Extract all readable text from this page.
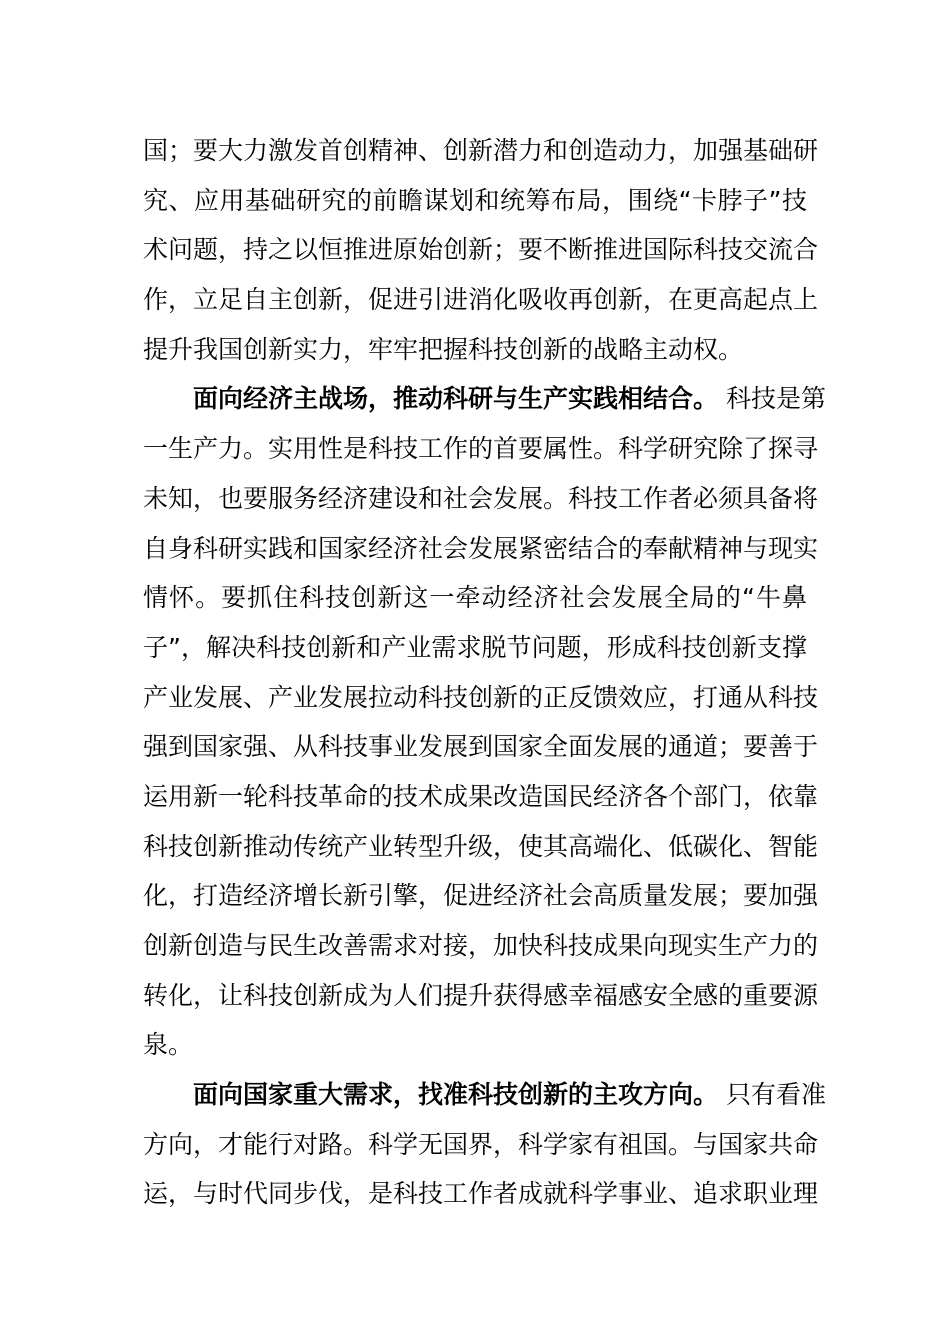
国；要大力激发首创精神、创新潜力和创造动力，加强基础研
究、应用基础研究的前瞻谋划和统筹布局，围绕“卡脖子”技
术问题，持之以恒推进原始创新；要不断推进国际科技交流合
作，立足自主创新，促进引进消化吸收再创新，在更高起点上
提升我国创新实力，牢牢把握科技创新的战略主动权。
面向经济主战场，推动科研与生产实践相结合。 科技是第
一生产力。实用性是科技工作的首要属性。科学研究除了探寻
未知，也要服务经济建设和社会发展。科技工作者必须具备将
自身科研实践和国家经济社会发展紧密结合的奉献精神与现实
情怀。要抓住科技创新这一牵动经济社会发展全局的“牛鼻
子”，解决科技创新和产业需求脱节问题，形成科技创新支撑
产业发展、产业发展拉动科技创新的正反馈效应，打通从科技
强到国家强、从科技事业发展到国家全面发展的通道；要善于
运用新一轮科技革命的技术成果改造国民经济各个部门，依靠
科技创新推动传统产业转型升级，使其高端化、低碳化、智能
化，打造经济增长新引擎，促进经济社会高质量发展；要加强
创新创造与民生改善需求对接，加快科技成果向现实生产力的
转化，让科技创新成为人们提升获得感幸福感安全感的重要源
泉。
面向国家重大需求，找准科技创新的主攻方向。 只有看准
方向，才能行对路。科学无国界，科学家有祖国。与国家共命
运，与时代同步伐，是科技工作者成就科学事业、追求职业理
